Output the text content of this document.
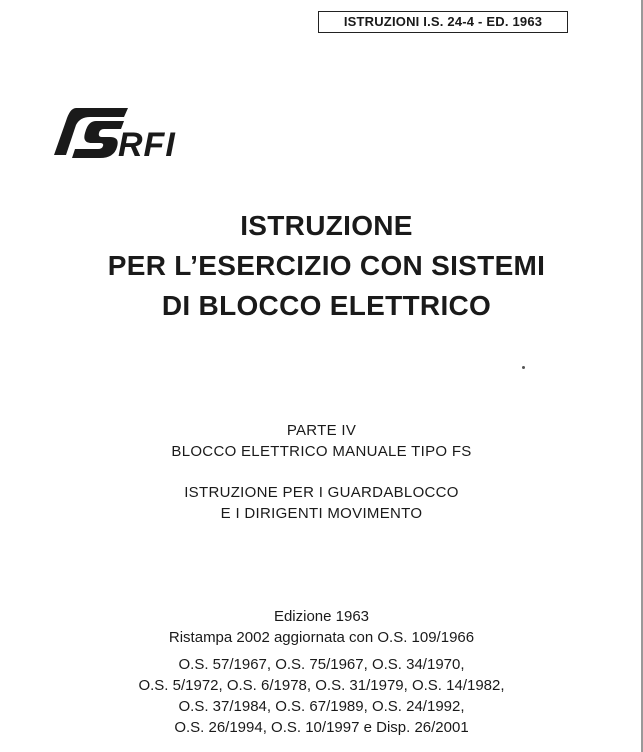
ISTRUZIONI I.S. 24-4 - ED. 1963
RFI
ISTRUZIONE
PER L’ESERCIZIO CON SISTEMI
DI BLOCCO ELETTRICO
PARTE IV
BLOCCO ELETTRICO MANUALE TIPO FS
ISTRUZIONE PER I GUARDABLOCCO
E I DIRIGENTI MOVIMENTO
Edizione 1963
Ristampa 2002 aggiornata con O.S. 109/1966
O.S. 57/1967, O.S. 75/1967, O.S. 34/1970,
O.S. 5/1972, O.S. 6/1978, O.S. 31/1979, O.S. 14/1982,
O.S. 37/1984, O.S. 67/1989, O.S. 24/1992,
O.S. 26/1994, O.S. 10/1997 e Disp. 26/2001
